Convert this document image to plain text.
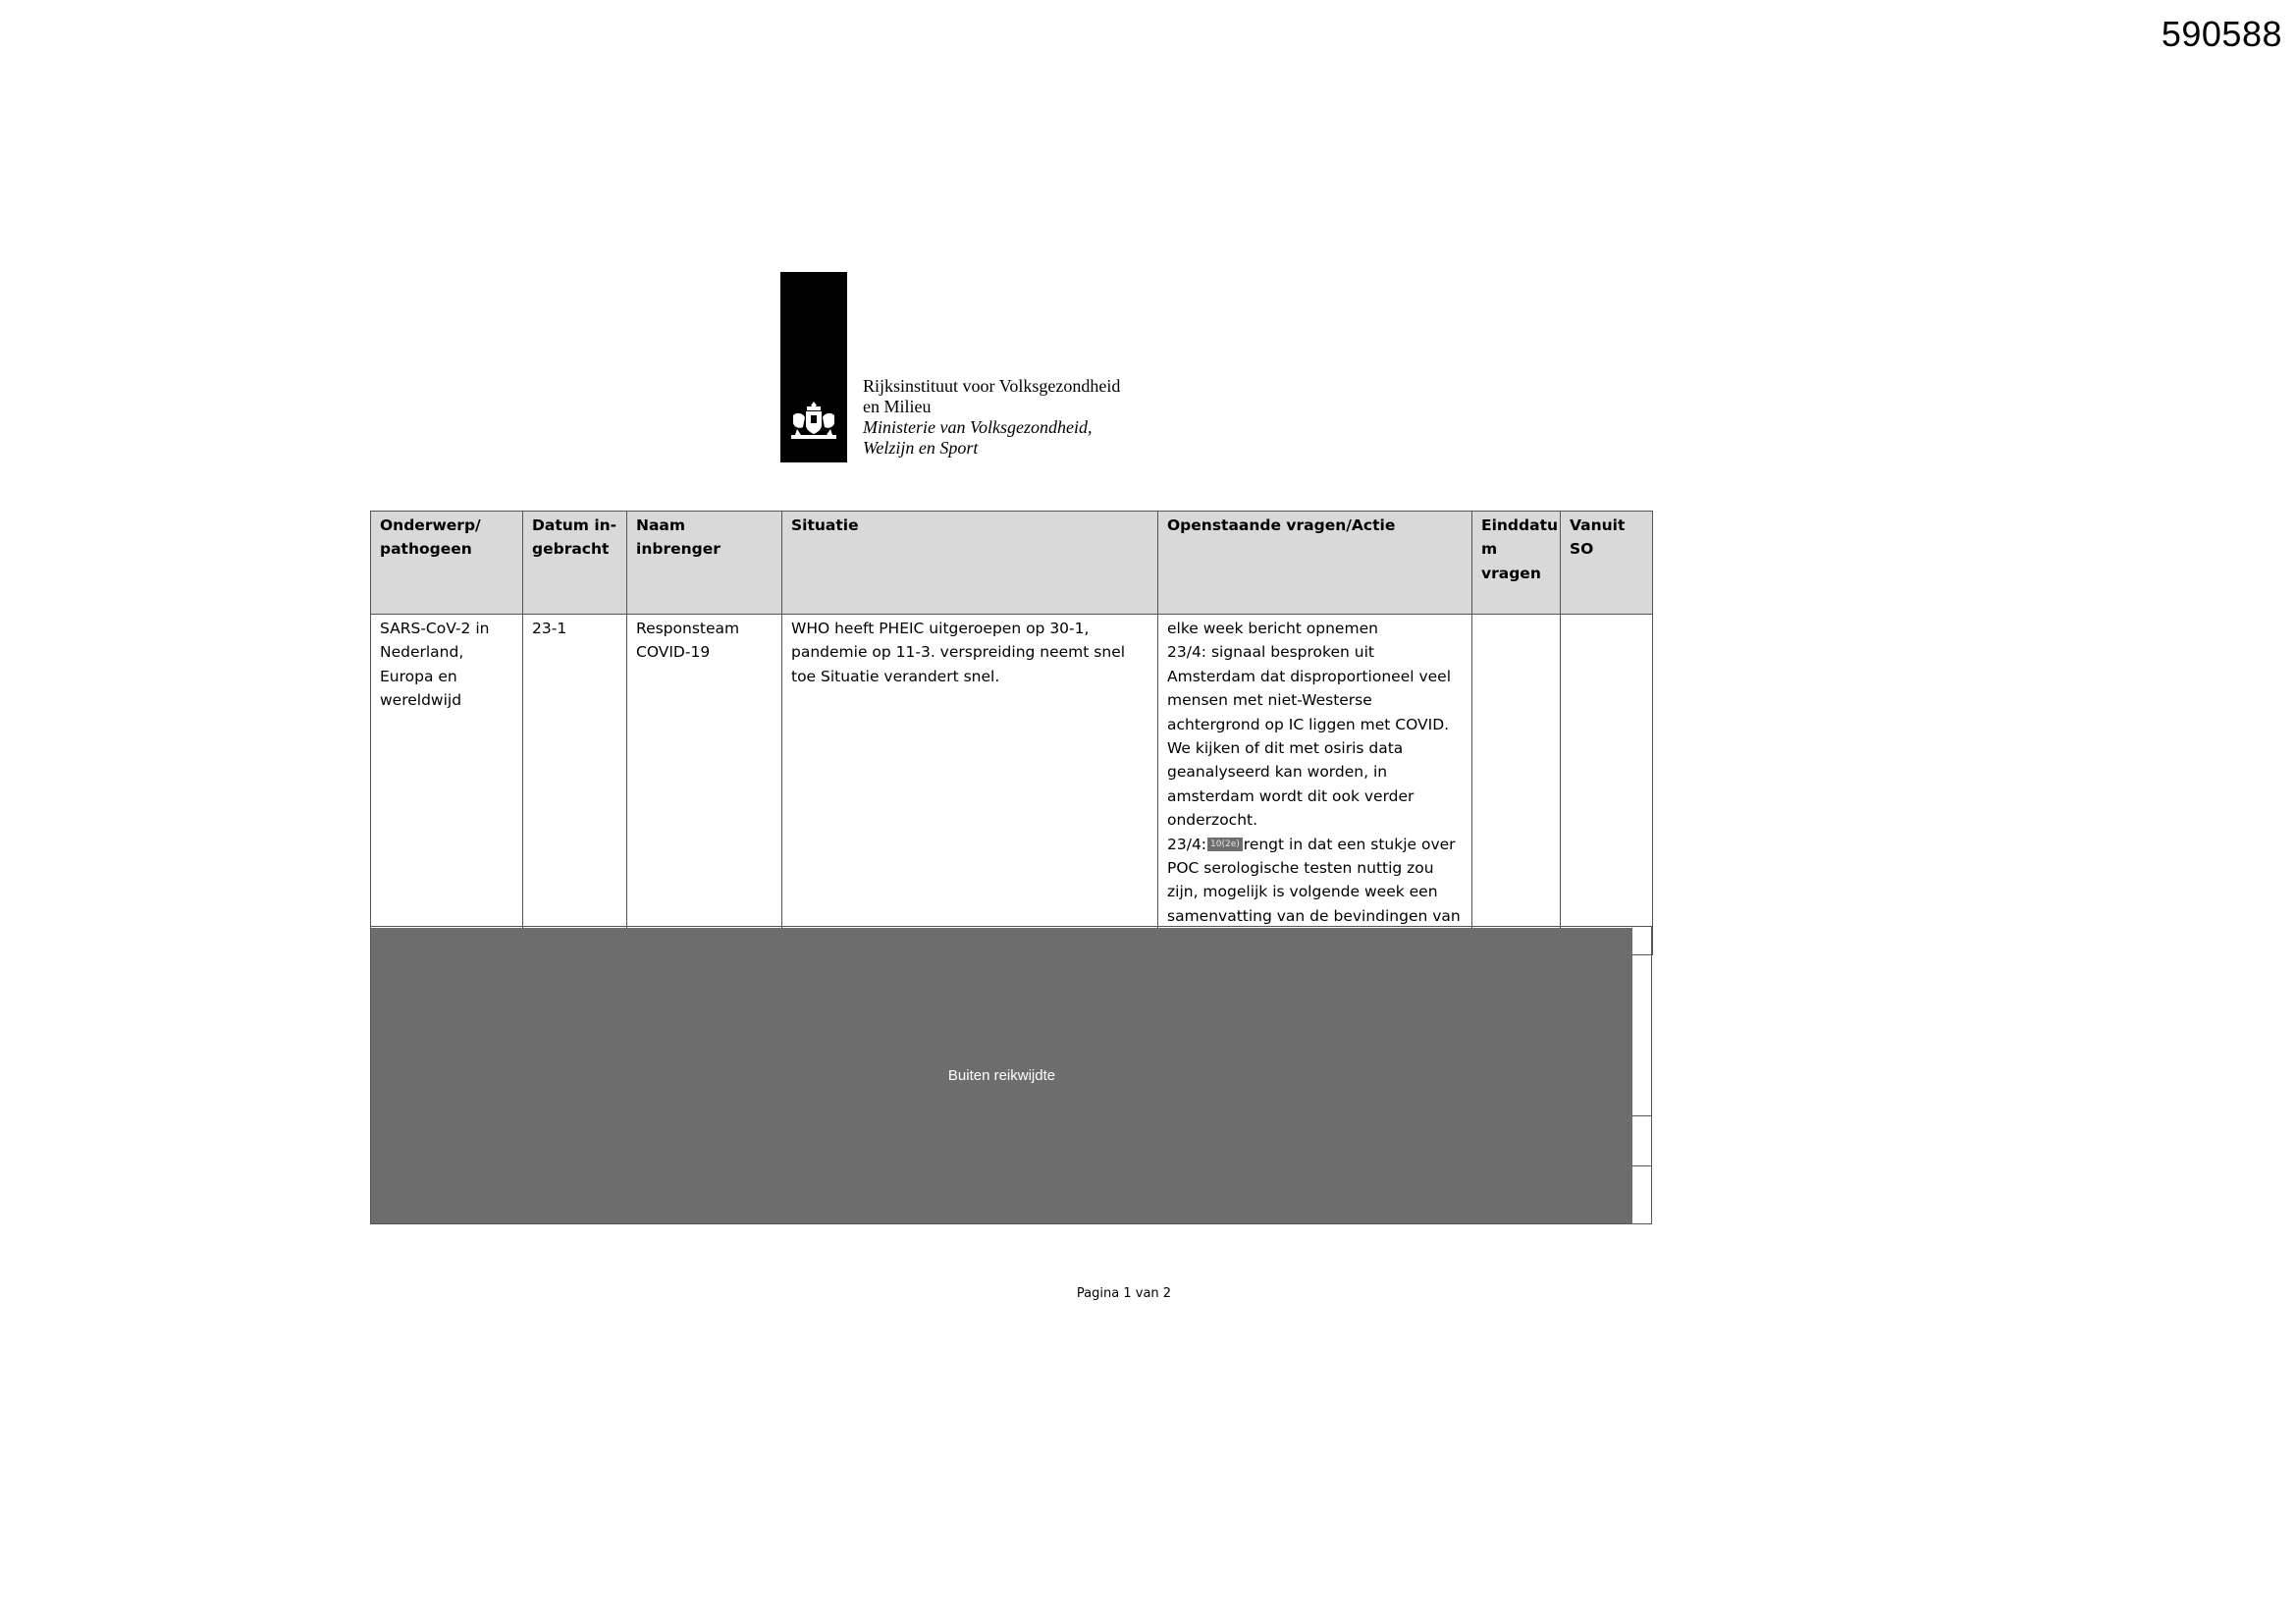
590588
Rijksinstituut voor Volksgezondheid
en Milieu
Ministerie van Volksgezondheid,
Welzijn en Sport
Onderwerp/ pathogeen	Datum in-gebracht	Naam inbrenger	Situatie	Openstaande vragen/Actie	Einddatu m vragen	Vanuit SO
SARS-CoV-2 in Nederland, Europa en wereldwijd	23-1	Responsteam COVID-19	WHO heeft PHEIC uitgeroepen op 30-1, pandemie op 11-3. verspreiding neemt snel toe Situatie verandert snel.	elke week bericht opnemen
23/4: signaal besproken uit Amsterdam dat disproportioneel veel mensen met niet-Westerse achtergrond op IC liggen met COVID. We kijken of dit met osiris data geanalyseerd kan worden, in amsterdam wordt dit ook verder onderzocht.
23/4: 10(2e) rengt in dat een stukje over POC serologische testen nuttig zou zijn, mogelijk is volgende week een samenvatting van de bevindingen van		

Buiten reikwijdte
Pagina 1 van 2
